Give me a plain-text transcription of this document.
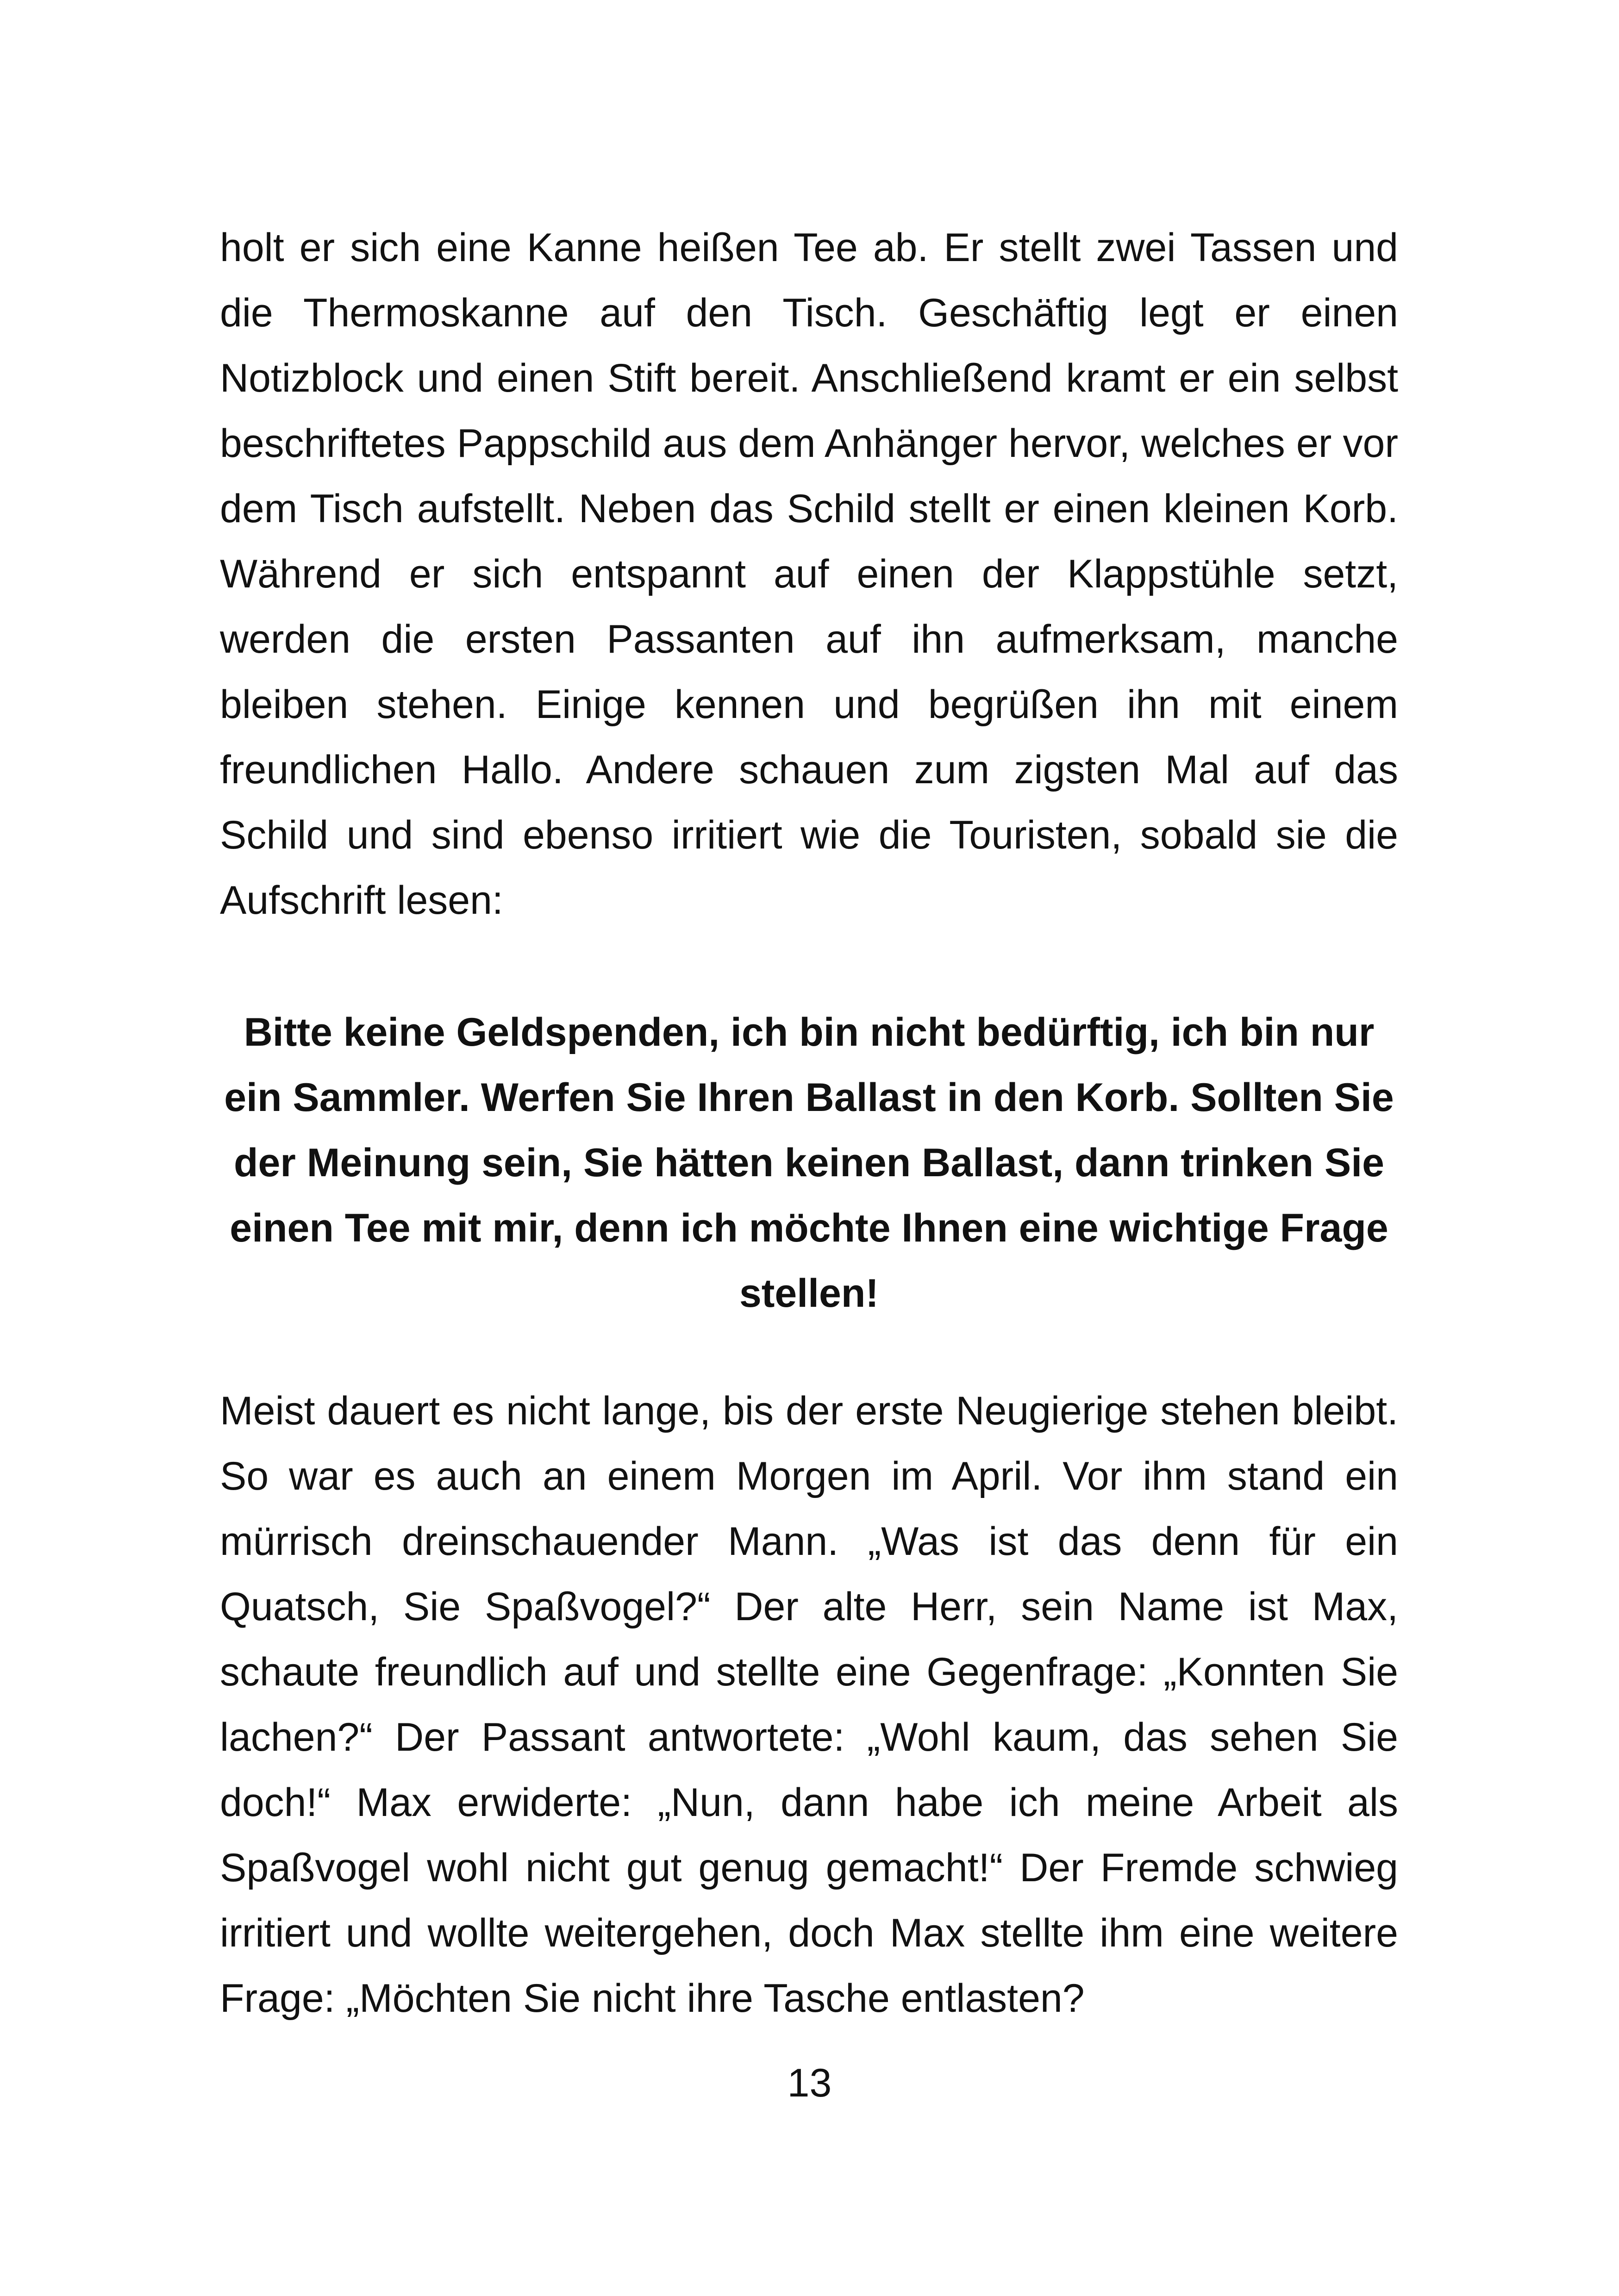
holt er sich eine Kanne heißen Tee ab. Er stellt zwei Tassen und die Thermoskanne auf den Tisch. Geschäftig legt er einen Notizblock und einen Stift bereit. Anschließend kramt er ein selbst beschriftetes Pappschild aus dem Anhänger hervor, welches er vor dem Tisch aufstellt. Neben das Schild stellt er einen kleinen Korb. Während er sich entspannt auf einen der Klappstühle setzt, werden die ersten Passanten auf ihn aufmerksam, manche bleiben stehen. Einige kennen und begrüßen ihn mit einem freundlichen Hallo. Andere schauen zum zigsten Mal auf das Schild und sind ebenso irritiert wie die Touristen, sobald sie die Aufschrift lesen:

Bitte keine Geldspenden, ich bin nicht bedürftig, ich bin nur ein Sammler. Werfen Sie Ihren Ballast in den Korb. Sollten Sie der Meinung sein, Sie hätten keinen Ballast, dann trinken Sie einen Tee mit mir, denn ich möchte Ihnen eine wichtige Frage stellen!

Meist dauert es nicht lange, bis der erste Neugierige stehen bleibt. So war es auch an einem Morgen im April. Vor ihm stand ein mürrisch dreinschauender Mann. „Was ist das denn für ein Quatsch, Sie Spaßvogel?“ Der alte Herr, sein Name ist Max, schaute freundlich auf und stellte eine Gegenfrage: „Konnten Sie lachen?“ Der Passant antwortete: „Wohl kaum, das sehen Sie doch!“ Max erwiderte: „Nun, dann habe ich meine Arbeit als Spaßvogel wohl nicht gut genug gemacht!“ Der Fremde schwieg irritiert und wollte weitergehen, doch Max stellte ihm eine weitere Frage: „Möchten Sie nicht ihre Tasche entlasten?

13
